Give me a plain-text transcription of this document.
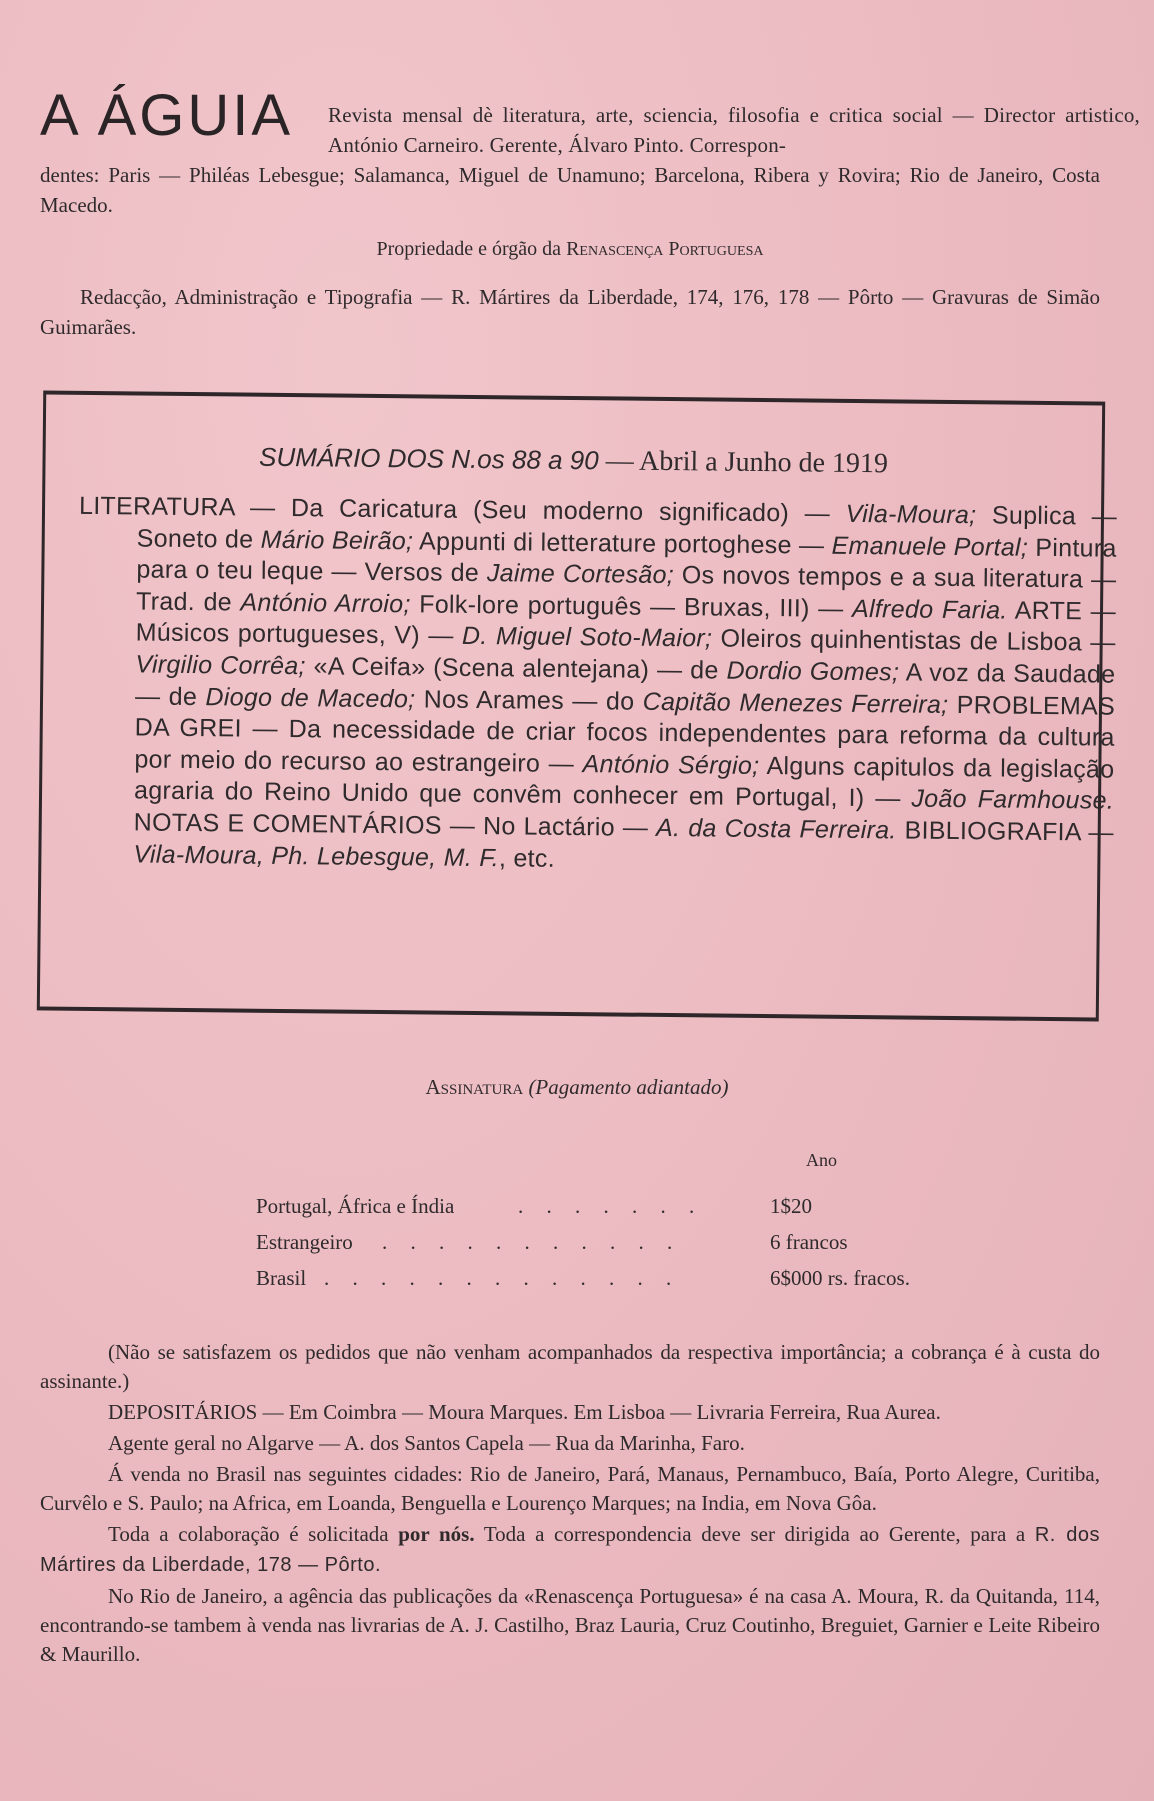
A ÁGUIA Revista mensal dè literatura, arte, sciencia, filosofia e critica social — Director artistico, António Carneiro. Gerente, Álvaro Pinto. Correspon-
dentes: Paris — Philéas Lebesgue; Salamanca, Miguel de Unamuno; Barcelona, Ribera y Rovira; Rio de Janeiro, Costa Macedo.
Propriedade e órgão da Renascença Portuguesa
Redacção, Administração e Tipografia — R. Mártires da Liberdade, 174, 176, 178 — Pôrto — Gravuras de Simão Guimarães.
SUMÁRIO DOS N.os 88 a 90 — Abril a Junho de 1919
LITERATURA — Da Caricatura (Seu moderno significado) — Vila-Moura; Suplica — Soneto de Mário Beirão; Appunti di letterature portoghese — Emanuele Portal; Pintura para o teu leque — Versos de Jaime Cortesão; Os novos tempos e a sua literatura — Trad. de António Arroio; Folk-lore português — Bruxas, III) — Alfredo Faria. ARTE — Músicos portugueses, V) — D. Miguel Soto-Maior; Oleiros quinhentistas de Lisboa — Virgilio Corrêa; «A Ceifa» (Scena alentejana) — de Dordio Gomes; A voz da Saudade — de Diogo de Macedo; Nos Arames — do Capitão Menezes Ferreira; PROBLEMAS DA GREI — Da necessidade de criar focos independentes para reforma da cultura por meio do recurso ao estrangeiro — António Sérgio; Alguns capitulos da legislação agraria do Reino Unido que convêm conhecer em Portugal, I) — João Farmhouse. NOTAS E COMENTÁRIOS — No Lactário — A. da Costa Ferreira. BIBLIOGRAFIA — Vila-Moura, Ph. Lebesgue, M. F., etc.
Assinatura (Pagamento adiantado)
Ano
Portugal, África e Índia	. . . . . . .	1$20
Estrangeiro . . . . . . . . . . .	6 francos
Brasil . . . . . . . . . . . . .	6$000 rs. fracos.

(Não se satisfazem os pedidos que não venham acompanhados da respectiva importância; a cobrança é à custa do assinante.)

DEPOSITÁRIOS — Em Coimbra — Moura Marques. Em Lisboa — Livraria Ferreira, Rua Aurea.

Agente geral no Algarve — A. dos Santos Capela — Rua da Marinha, Faro.

Á venda no Brasil nas seguintes cidades: Rio de Janeiro, Pará, Manaus, Pernambuco, Baía, Porto Alegre, Curitiba, Curvêlo e S. Paulo; na Africa, em Loanda, Benguella e Lourenço Marques; na India, em Nova Gôa.

Toda a colaboração é solicitada por nós. Toda a correspondencia deve ser dirigida ao Gerente, para a R. dos Mártires da Liberdade, 178 — Pôrto.

No Rio de Janeiro, a agência das publicações da «Renascença Portuguesa» é na casa A. Moura, R. da Quitanda, 114, encontrando-se tambem à venda nas livrarias de A. J. Castilho, Braz Lauria, Cruz Coutinho, Breguiet, Garnier e Leite Ribeiro & Maurillo.
